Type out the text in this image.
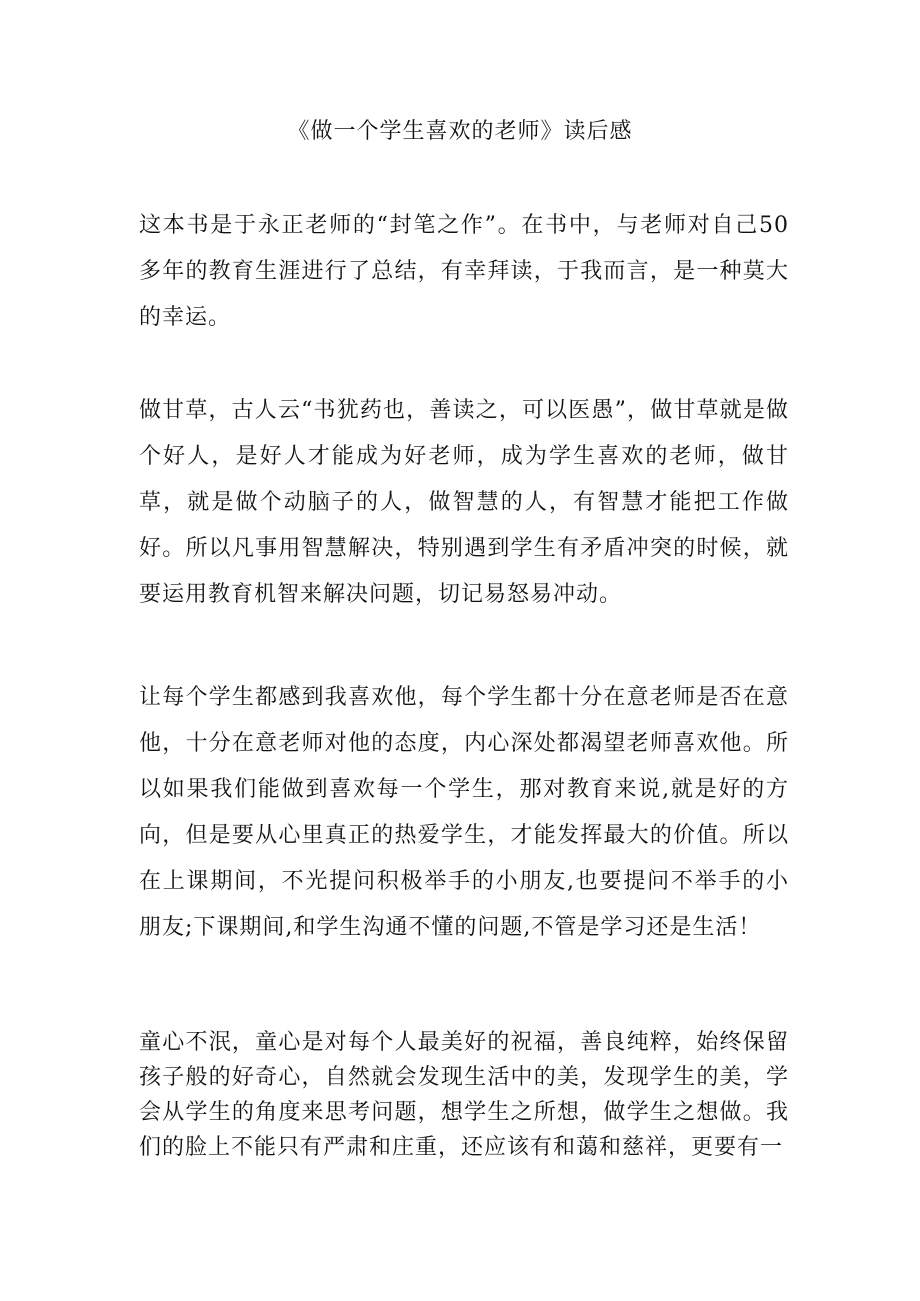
《做一个学生喜欢的老师》读后感

这本书是于永正老师的“封笔之作”。在书中，与老师对自己50多年的教育生涯进行了总结，有幸拜读，于我而言，是一种莫大的幸运。

做甘草，古人云“书犹药也，善读之，可以医愚”，做甘草就是做个好人，是好人才能成为好老师，成为学生喜欢的老师，做甘草，就是做个动脑子的人，做智慧的人，有智慧才能把工作做好。所以凡事用智慧解决，特别遇到学生有矛盾冲突的时候，就要运用教育机智来解决问题，切记易怒易冲动。

让每个学生都感到我喜欢他，每个学生都十分在意老师是否在意他，十分在意老师对他的态度，内心深处都渴望老师喜欢他。所以如果我们能做到喜欢每一个学生，那对教育来说,就是好的方向，但是要从心里真正的热爱学生，才能发挥最大的价值。所以在上课期间，不光提问积极举手的小朋友,也要提问不举手的小朋友;下课期间,和学生沟通不懂的问题,不管是学习还是生活！

童心不泯，童心是对每个人最美好的祝福，善良纯粹，始终保留孩子般的好奇心，自然就会发现生活中的美，发现学生的美，学会从学生的角度来思考问题，想学生之所想，做学生之想做。我们的脸上不能只有严肃和庄重，还应该有和蔼和慈祥，更要有一
